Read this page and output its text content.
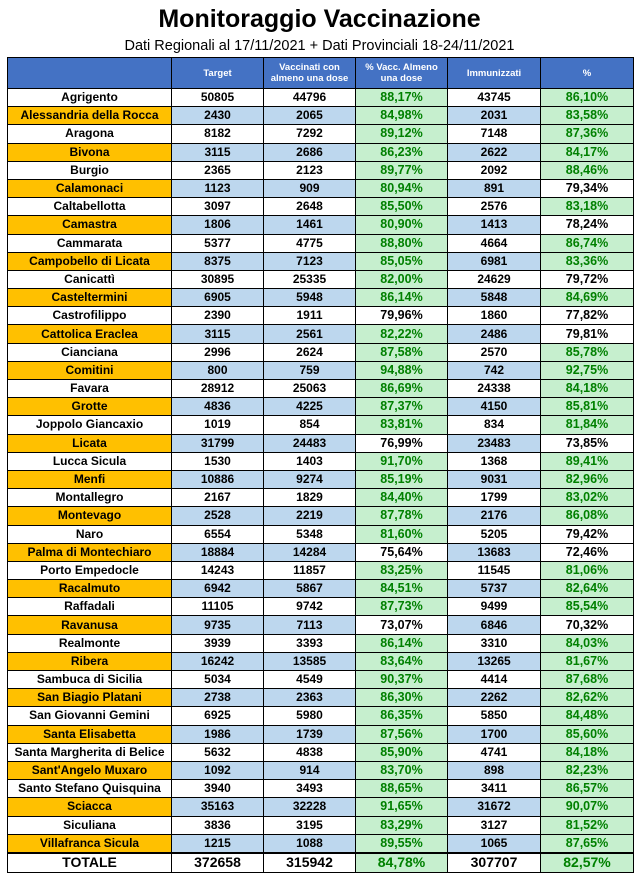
Monitoraggio Vaccinazione
Dati Regionali al 17/11/2021 + Dati Provinciali 18-24/11/2021
	Target	Vaccinati con almeno una dose	% Vacc. Almeno una dose	Immunizzati	%
Agrigento	50805	44796	88,17%	43745	86,10%
Alessandria della Rocca	2430	2065	84,98%	2031	83,58%
Aragona	8182	7292	89,12%	7148	87,36%
Bivona	3115	2686	86,23%	2622	84,17%
Burgio	2365	2123	89,77%	2092	88,46%
Calamonaci	1123	909	80,94%	891	79,34%
Caltabellotta	3097	2648	85,50%	2576	83,18%
Camastra	1806	1461	80,90%	1413	78,24%
Cammarata	5377	4775	88,80%	4664	86,74%
Campobello di Licata	8375	7123	85,05%	6981	83,36%
Canicattì	30895	25335	82,00%	24629	79,72%
Casteltermini	6905	5948	86,14%	5848	84,69%
Castrofilippo	2390	1911	79,96%	1860	77,82%
Cattolica Eraclea	3115	2561	82,22%	2486	79,81%
Cianciana	2996	2624	87,58%	2570	85,78%
Comitini	800	759	94,88%	742	92,75%
Favara	28912	25063	86,69%	24338	84,18%
Grotte	4836	4225	87,37%	4150	85,81%
Joppolo Giancaxio	1019	854	83,81%	834	81,84%
Licata	31799	24483	76,99%	23483	73,85%
Lucca Sicula	1530	1403	91,70%	1368	89,41%
Menfi	10886	9274	85,19%	9031	82,96%
Montallegro	2167	1829	84,40%	1799	83,02%
Montevago	2528	2219	87,78%	2176	86,08%
Naro	6554	5348	81,60%	5205	79,42%
Palma di Montechiaro	18884	14284	75,64%	13683	72,46%
Porto Empedocle	14243	11857	83,25%	11545	81,06%
Racalmuto	6942	5867	84,51%	5737	82,64%
Raffadali	11105	9742	87,73%	9499	85,54%
Ravanusa	9735	7113	73,07%	6846	70,32%
Realmonte	3939	3393	86,14%	3310	84,03%
Ribera	16242	13585	83,64%	13265	81,67%
Sambuca di Sicilia	5034	4549	90,37%	4414	87,68%
San Biagio Platani	2738	2363	86,30%	2262	82,62%
San Giovanni Gemini	6925	5980	86,35%	5850	84,48%
Santa Elisabetta	1986	1739	87,56%	1700	85,60%
Santa Margherita di Belice	5632	4838	85,90%	4741	84,18%
Sant'Angelo Muxaro	1092	914	83,70%	898	82,23%
Santo Stefano Quisquina	3940	3493	88,65%	3411	86,57%
Sciacca	35163	32228	91,65%	31672	90,07%
Siculiana	3836	3195	83,29%	3127	81,52%
Villafranca Sicula	1215	1088	89,55%	1065	87,65%
TOTALE	372658	315942	84,78%	307707	82,57%
